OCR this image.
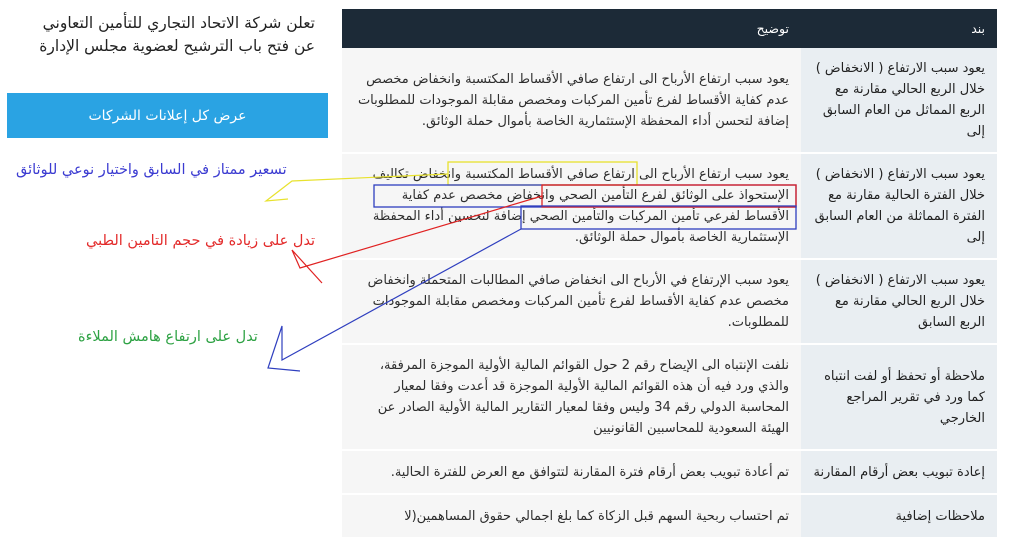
تعلن شركة الاتحاد التجاري للتأمين التعاوني
عن فتح باب الترشيح لعضوية مجلس الإدارة
عرض كل إعلانات الشركات
تسعير ممتاز في السابق واختيار نوعي للوثائق
تدل على زيادة في حجم التامين الطبي
تدل على ارتفاع هامش الملاءة
بند	توضيح
يعود سبب الارتفاع ( الانخفاض ) خلال الربع الحالي مقارنة مع الربع المماثل من العام السابق إلى	يعود سبب ارتفاع الأرباح الى ارتفاع صافي الأقساط المكتسبة وانخفاض مخصص عدم كفاية الأقساط لفرع تأمين المركبات ومخصص مقابلة الموجودات للمطلوبات إضافة لتحسن أداء المحفظة الإستثمارية الخاصة بأموال حملة الوثائق.
يعود سبب الارتفاع ( الانخفاض ) خلال الفترة الحالية مقارنة مع الفترة المماثلة من العام السابق إلى	يعود سبب ارتفاع الأرباح الى ارتفاع صافي الأقساط المكتسبة وانخفاض تكاليف الإستحواذ على الوثائق لفرع التأمين الصحي وانخفاض مخصص عدم كفاية الأقساط لفرعي تأمين المركبات والتأمين الصحي إضافة لتحسين أداء المحفظة الإستثمارية الخاصة بأموال حملة الوثائق.
يعود سبب الارتفاع ( الانخفاض ) خلال الربع الحالي مقارنة مع الربع السابق	يعود سبب الإرتفاع في الأرباح الى انخفاض صافي المطالبات المتحملة وانخفاض مخصص عدم كفاية الأقساط لفرع تأمين المركبات ومخصص مقابلة الموجودات للمطلوبات.
ملاحظة أو تحفظ أو لفت انتباه كما ورد في تقرير المراجع الخارجي	نلفت الإنتباه الى الإيضاح رقم 2 حول القوائم المالية الأولية الموجزة المرفقة، والذي ورد فيه أن هذه القوائم المالية الأولية الموجزة قد أعدت وفقا لمعيار المحاسبة الدولي رقم 34 وليس وفقا لمعيار التقارير المالية الأولية الصادر عن الهيئة السعودية للمحاسبين القانونيين
إعادة تبويب بعض أرقام المقارنة	تم أعادة تبويب بعض أرقام فترة المقارنة لتتوافق مع العرض للفترة الحالية.
ملاحظات إضافية	تم احتساب ربحية السهم قبل الزكاة كما بلغ اجمالي حقوق المساهمين(لا
